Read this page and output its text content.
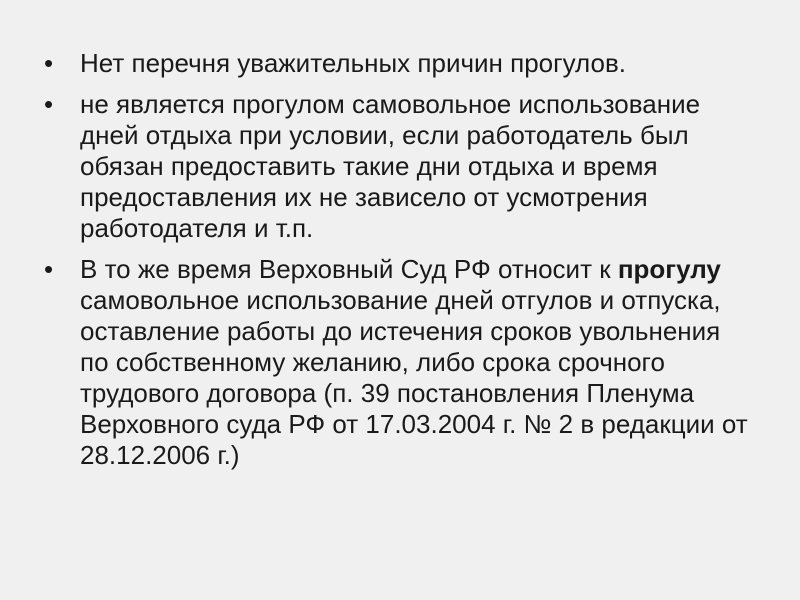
• Нет перечня уважительных причин прогулов.
• не является прогулом самовольное использование дней отдыха при условии, если работодатель был обязан предоставить такие дни отдыха и время предоставления их не зависело от усмотрения работодателя и т.п.
• В то же время Верховный Суд РФ относит к прогулу самовольное использование дней отгулов и отпуска, оставление работы до истечения сроков увольнения по собственному желанию, либо срока срочного трудового договора (п. 39 постановления Пленума Верховного суда РФ от 17.03.2004 г. № 2 в редакции от 28.12.2006 г.)
